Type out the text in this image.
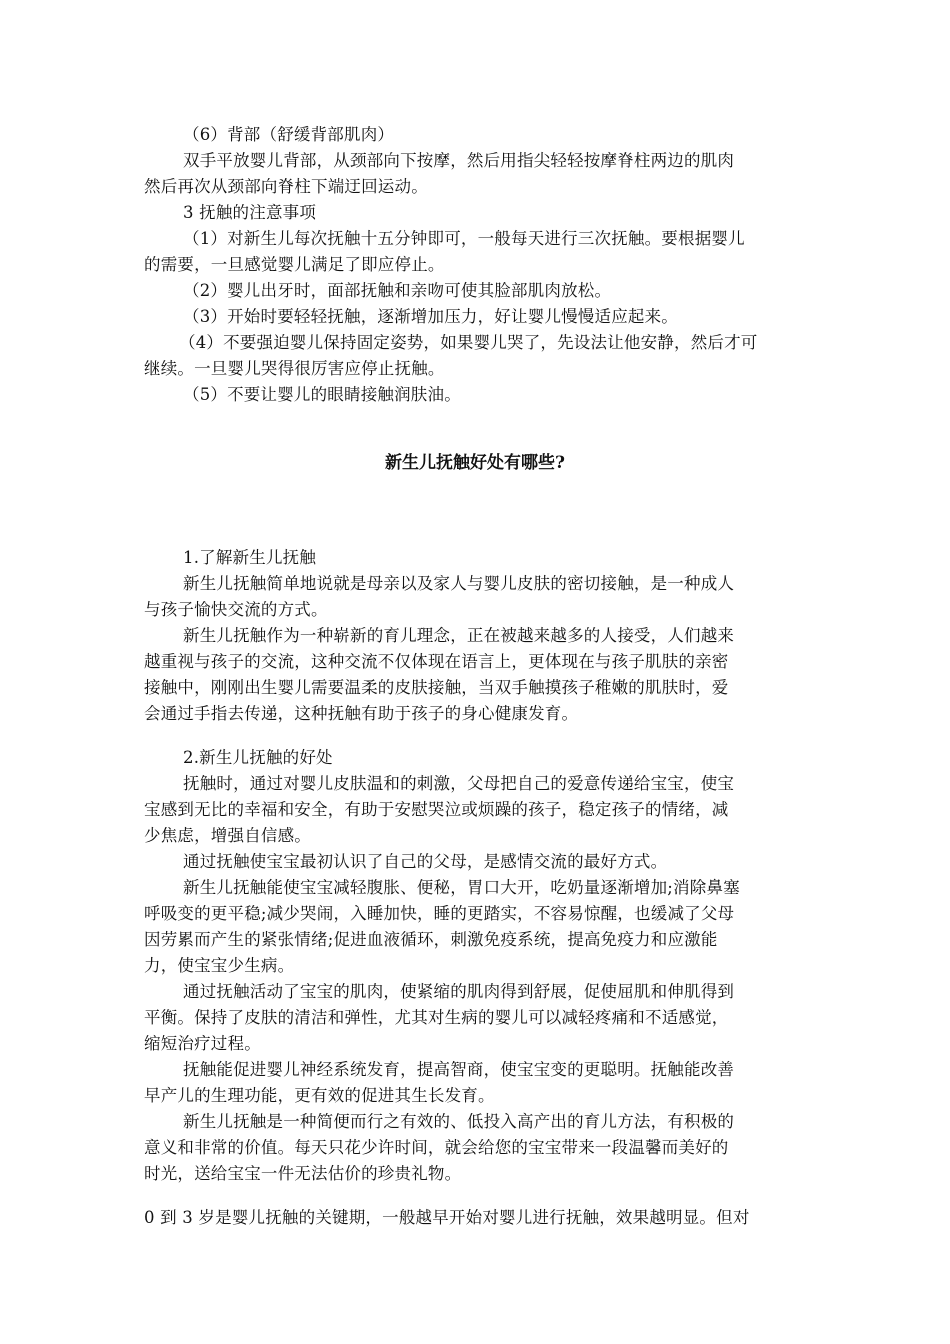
（6）背部（舒缓背部肌肉）
双手平放婴儿背部，从颈部向下按摩，然后用指尖轻轻按摩脊柱两边的肌肉
然后再次从颈部向脊柱下端迂回运动。
3 抚触的注意事项
（1）对新生儿每次抚触十五分钟即可，一般每天进行三次抚触。要根据婴儿
的需要，一旦感觉婴儿满足了即应停止。
（2）婴儿出牙时，面部抚触和亲吻可使其脸部肌肉放松。
（3）开始时要轻轻抚触，逐渐增加压力，好让婴儿慢慢适应起来。
（4）不要强迫婴儿保持固定姿势，如果婴儿哭了，先设法让他安静，然后才可
继续。一旦婴儿哭得很厉害应停止抚触。
（5）不要让婴儿的眼睛接触润肤油。
新生儿抚触好处有哪些?
1.了解新生儿抚触
新生儿抚触简单地说就是母亲以及家人与婴儿皮肤的密切接触，是一种成人
与孩子愉快交流的方式。
新生儿抚触作为一种崭新的育儿理念，正在被越来越多的人接受，人们越来
越重视与孩子的交流，这种交流不仅体现在语言上，更体现在与孩子肌肤的亲密
接触中，刚刚出生婴儿需要温柔的皮肤接触，当双手触摸孩子稚嫩的肌肤时，爱
会通过手指去传递，这种抚触有助于孩子的身心健康发育。
2.新生儿抚触的好处
抚触时，通过对婴儿皮肤温和的刺激，父母把自己的爱意传递给宝宝，使宝
宝感到无比的幸福和安全，有助于安慰哭泣或烦躁的孩子，稳定孩子的情绪，减
少焦虑，增强自信感。
通过抚触使宝宝最初认识了自己的父母，是感情交流的最好方式。
新生儿抚触能使宝宝减轻腹胀、便秘，胃口大开，吃奶量逐渐增加;消除鼻塞
呼吸变的更平稳;减少哭闹，入睡加快，睡的更踏实，不容易惊醒，也缓减了父母
因劳累而产生的紧张情绪;促进血液循环，刺激免疫系统，提高免疫力和应激能
力，使宝宝少生病。
通过抚触活动了宝宝的肌肉，使紧缩的肌肉得到舒展，促使屈肌和伸肌得到
平衡。保持了皮肤的清洁和弹性，尤其对生病的婴儿可以减轻疼痛和不适感觉，
缩短治疗过程。
抚触能促进婴儿神经系统发育，提高智商，使宝宝变的更聪明。抚触能改善
早产儿的生理功能，更有效的促进其生长发育。
新生儿抚触是一种简便而行之有效的、低投入高产出的育儿方法，有积极的
意义和非常的价值。每天只花少许时间，就会给您的宝宝带来一段温馨而美好的
时光，送给宝宝一件无法估价的珍贵礼物。
0 到 3 岁是婴儿抚触的关键期，一般越早开始对婴儿进行抚触，效果越明显。但对
